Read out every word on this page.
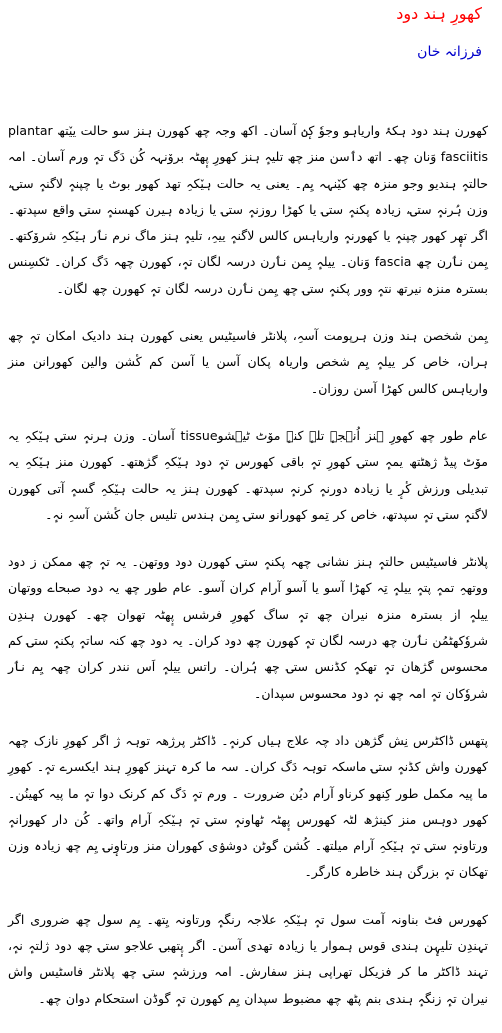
کھورِ ہند دود
فرزانہ خان

کھورن ہند دود ہکۂ واریاہو وجوٗ کٕنٛ آسان۔ اکھ وجہ چھ کھورن ہنز سو حالت ییٚتھ plantar fasciitis وَنان چھ۔ اتھ دٲسن منز چھ تلیہٕ ہنز کھورِ پٕھٹہ بروٚنہہ کُن دَگ تہٕ ورم آسان۔ امہ حالتہٕ ہندیو وجو منزہ چھ کیٚنہہ یِم۔ یعنی یہ حالت ہیٚکہِ تھد کھور بوٹ یا چپنہٕ لاگنہٕ ستۍ، وزن ہُرنہٕ ستۍ، زیادہ پکنہٕ ستۍ یا کھڑا روزنہٕ ستۍ یا زیادہ ہیرن کھسنہٕ ستۍ واقع سپدتھ۔ اگر تھٕر کھور چپنہٕ یا کھورنہٕ واریاہس کالس لاگنہٕ ییہِ، تلیہٕ ہنز ماگ نرم نٲر ہیٚکہِ شروٚکتھ۔ یِمن نٲرن چھ fascia وَنان۔ ییلہٕ یِمن نٲرن درسہ لگان تہٕ، کھورن چھہ دَگ کران۔ ٹکسِنس بسترہ منزہ نیرتھ نتہٕ وور پکنہٕ ستۍ چھ یِمن نٲرن درسہ لگان تہٕ کھورن چھ لگان۔

یِمن شخصن ہند وزن ہرپومت آسہِ، پلانٹر فاسیٹیس یعنی کھورن ہند دادیک امکان تہٕ چھ ہران، خاص کر ییلہٕ یِم شخص واریاہ پکان آسن یا آسن کم کٔشن والین کھورانن منز واریاہس کالس کھڑا آسن روزان۔

عام طور چھ کھورِ ہنز اُنٛجہٕ تلہٕ کنہٕ مۆٹ ٹیٛشوtissue آسان۔ وزن ہرنہٕ ستۍ ہیٚکہِ یہ مۆٹ پیڈ ژھٹتھ یمہٕ ستۍ کھورِ تہٕ باقی کھورس تہٕ دود ہیٚکہِ گژھتھ۔ کھورن منز ہیٚکہِ یہ تبدیلی ورزش کٔرٕ یا زیادہ دورنہٕ کرنہٕ سپدتھ۔ کھورن ہنز یہ حالت ہیٚکہِ گسہٕ آتی کھورن لاگنہٕ ستۍ تہٕ سپدتھ، خاص کر تِمو کھورانو ستۍ یِمن ہندس تلیس جان کٔشن آسہِ نہٕ۔

پلانٹر فاسیٹیس حالتہٕ ہنز نشانی چھہ پکنہٕ ستۍ کھورن دود ووتھن۔ یہ تہٕ چھ ممکن ز دود ووتھہِ تمہٕ پتہٕ ییلہٕ تِہ کھڑا آسو یا آسو آرام کران آسو۔ عام طور چھ یہ دود صبحاے ووتھان ییلہٕ از بسترہ منزہ نیران چھ تہٕ ساگ کھورِ فرشس پٕھٹہ تھوان چھ۔ کھورن ہندِن شروٗکھٹمُن نٲرن چھ درسہ لگان تہٕ کھورن چھ دود کران۔ یہ دود چھ کنہ ساتہٕ پکنہٕ ستۍ کم محسوس گژھان تہٕ تھکہٕ کڈنس ستۍ چھ ہُران۔ راتس ییلہٕ اَس نندر کران چھہ یِم نٲر شروٗکان تہٕ امہ چھ نہٕ دود محسوس سپدان۔

پتھس ڈاکٹرس نِش گژھن داد چہ علاج ہیاں کرنہٕ۔ ڈاکٹر پرژھہ توہہ ژ اگر کھورِ نازک چھہ کھورن واش کڈنہٕ ستۍ ماسکہ توہہ دَگ کران۔ سہ ما کرہ تہنز کھورِ ہند ایکسرے تہٕ۔ کھورِ ما پیہ مکمل طور کِنھو کرناو آرام دیُن ضرورت ۔ ورم تہٕ دَگ کم کرنک دوا تہٕ ما پیہ کھینُن۔ کھور دوہس منز کینژھ لٹہ کھورس پٕھٹہ ٹھاونہٕ ستۍ تہٕ ہیٚکہِ آرام واتھ۔ کُن دار کھورانہٕ ورتاونہٕ ستۍ تہٕ ہیٚکہِ آرام میلتھ۔ کُشن گوٹن دوشوٛی کھوران منز ورتاوٕنۍ یِم چھ زیادہ وزن تھکان تہٕ بزرگن ہند خاطرہ کارگر۔

کھورس فٹ بناونہ آمت سول تہٕ ہیٚکہِ علاجہ رنگہٕ ورتاونہ یِتھ۔ یِم سول چھ ضروری اگر تہندِن تلیہٕن ہندی قوس ہموار یا زیادہ تھدی آسن۔ اگر پٕتھبۍ علاجو ستۍ چھ دود ژلتہٕ نہٕ، تہند ڈاکٹر ما کر فزیکل تھراپی ہنز سفارش۔ امہ ورزشہٕ ستۍ چھ پلانٹر فاسٹیس واش نیران تہٕ زنگہٕ ہندی بنم پٹھ چھ مضبوط سپدان یِم کھورن تہٕ گوڈن استحکام دوان چھ۔
